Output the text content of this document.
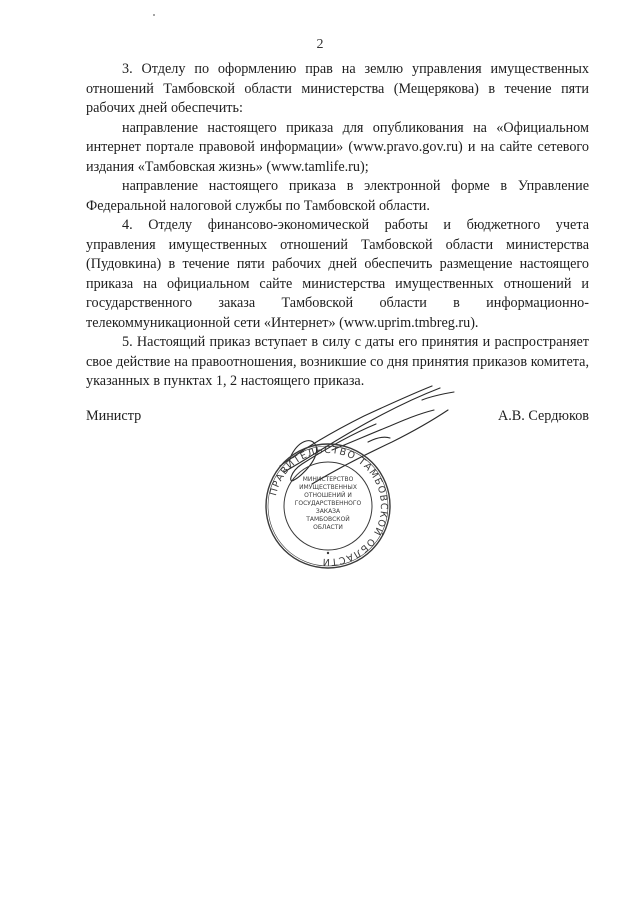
2

3. Отделу по оформлению прав на землю управления имущественных отношений Тамбовской области министерства (Мещерякова) в течение пяти рабочих дней обеспечить:

направление настоящего приказа для опубликования на «Официальном интернет портале правовой информации» (www.pravo.gov.ru) и на сайте сетевого издания «Тамбовская жизнь» (www.tamlife.ru);

направление настоящего приказа в электронной форме в Управление Федеральной налоговой службы по Тамбовской области.

4. Отделу финансово-экономической работы и бюджетного учета управления имущественных отношений Тамбовской области министерства (Пудовкина) в течение пяти рабочих дней обеспечить размещение настоящего приказа на официальном сайте министерства имущественных отношений и государственного заказа Тамбовской области в информационно-телекоммуникационной сети «Интернет» (www.uprim.tmbreg.ru).

5. Настоящий приказ вступает в силу с даты его принятия и распространяет свое действие на правоотношения, возникшие со дня принятия приказов комитета, указанных в пунктах 1, 2 настоящего приказа.

Министр	А.В. Сердюков
ПРАВИТЕЛЬСТВО ТАМБОВСКОЙ ОБЛАСТИ
МИНИСТЕРСТВО
ИМУЩЕСТВЕННЫХ
ОТНОШЕНИЙ И
ГОСУДАРСТВЕННОГО
ЗАКАЗА
ТАМБОВСКОЙ
ОБЛАСТИ
